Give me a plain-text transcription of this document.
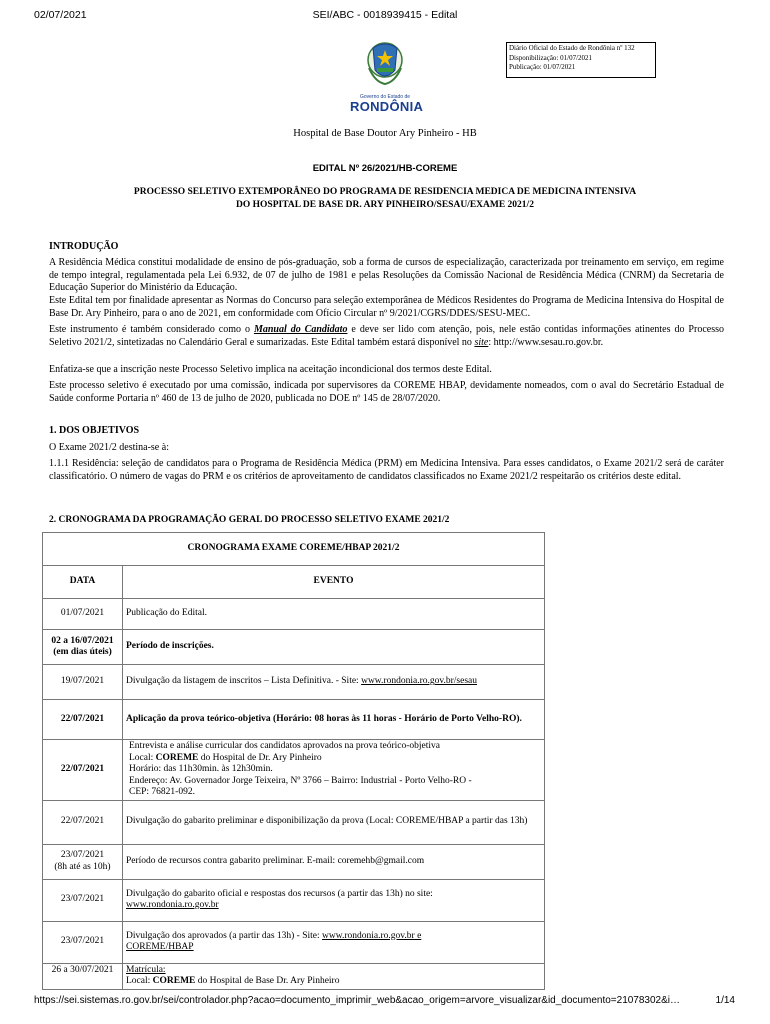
02/07/2021	SEI/ABC - 0018939415 - Edital
Diário Oficial do Estado de Rondônia nº 132
Disponibilização: 01/07/2021
Publicação: 01/07/2021
Governo do Estado de
RONDÔNIA
Hospital de Base Doutor Ary Pinheiro - HB
EDITAL Nº 26/2021/HB-COREME
PROCESSO SELETIVO EXTEMPORÂNEO DO PROGRAMA DE RESIDENCIA MEDICA DE MEDICINA INTENSIVA
DO HOSPITAL DE BASE DR. ARY PINHEIRO/SESAU/EXAME 2021/2
INTRODUÇÃO
A Residência Médica constitui modalidade de ensino de pós-graduação, sob a forma de cursos de especialização, caracterizada por treinamento em serviço, em regime de tempo integral, regulamentada pela Lei 6.932, de 07 de julho de 1981 e pelas Resoluções da Comissão Nacional de Residência Médica (CNRM) da Secretaria de Educação Superior do Ministério da Educação.
Este Edital tem por finalidade apresentar as Normas do Concurso para seleção extemporânea de Médicos Residentes do Programa de Medicina Intensiva do Hospital de Base Dr. Ary Pinheiro, para o ano de 2021, em conformidade com Ofício Circular nº 9/2021/CGRS/DDES/SESU-MEC.
Este instrumento é também considerado como o Manual do Candidato e deve ser lido com atenção, pois, nele estão contidas informações atinentes do Processo Seletivo 2021/2, sintetizadas no Calendário Geral e sumarizadas. Este Edital também estará disponível no site: http://www.sesau.ro.gov.br.
Enfatiza-se que a inscrição neste Processo Seletivo implica na aceitação incondicional dos termos deste Edital.
Este processo seletivo é executado por uma comissão, indicada por supervisores da COREME HBAP, devidamente nomeados, com o aval do Secretário Estadual de Saúde conforme Portaria nº 460 de 13 de julho de 2020, publicada no DOE nº 145 de 28/07/2020.
1. DOS OBJETIVOS
O Exame 2021/2 destina-se à:
1.1.1 Residência: seleção de candidatos para o Programa de Residência Médica (PRM) em Medicina Intensiva. Para esses candidatos, o Exame 2021/2 será de caráter classificatório. O número de vagas do PRM e os critérios de aproveitamento de candidatos classificados no Exame 2021/2 respeitarão os critérios deste edital.
2. CRONOGRAMA DA PROGRAMAÇÃO GERAL DO PROCESSO SELETIVO EXAME 2021/2
CRONOGRAMA EXAME COREME/HBAP 2021/2	
DATA	EVENTO
01/07/2021	Publicação do Edital.

02 a 16/07/2021
(em dias úteis)	Período de inscrições.
19/07/2021	Divulgação da listagem de inscritos – Lista Definitiva. - Site: www.rondonia.ro.gov.br/sesau
22/07/2021	Aplicação da prova teórico-objetiva (Horário: 08 horas às 11 horas - Horário de Porto Velho-RO).
22/07/2021	Entrevista e análise curricular dos candidatos aprovados na prova teórico-objetiva
Local: COREME do Hospital de Dr. Ary Pinheiro
Horário: das 11h30min. às 12h30min.
Endereço: Av. Governador Jorge Teixeira, Nº 3766 – Bairro: Industrial - Porto Velho-RO -
CEP: 76821-092.

22/07/2021	Divulgação do gabarito preliminar e disponibilização da prova (Local: COREME/HBAP a partir das 13h)

23/07/2021
(8h até as 10h)	Período de recursos contra gabarito preliminar. E-mail: coremehb@gmail.com
23/07/2021	Divulgação do gabarito oficial e respostas dos recursos (a partir das 13h) no site:
www.rondonia.ro.gov.br

23/07/2021	Divulgação dos aprovados (a partir das 13h) - Site: www.rondonia.ro.gov.br e
COREME/HBAP

26 a 30/07/2021	Matrícula:
Local: COREME do Hospital de Base Dr. Ary Pinheiro
https://sei.sistemas.ro.gov.br/sei/controlador.php?acao=documento_imprimir_web&acao_origem=arvore_visualizar&id_documento=21078302&i…	1/14
